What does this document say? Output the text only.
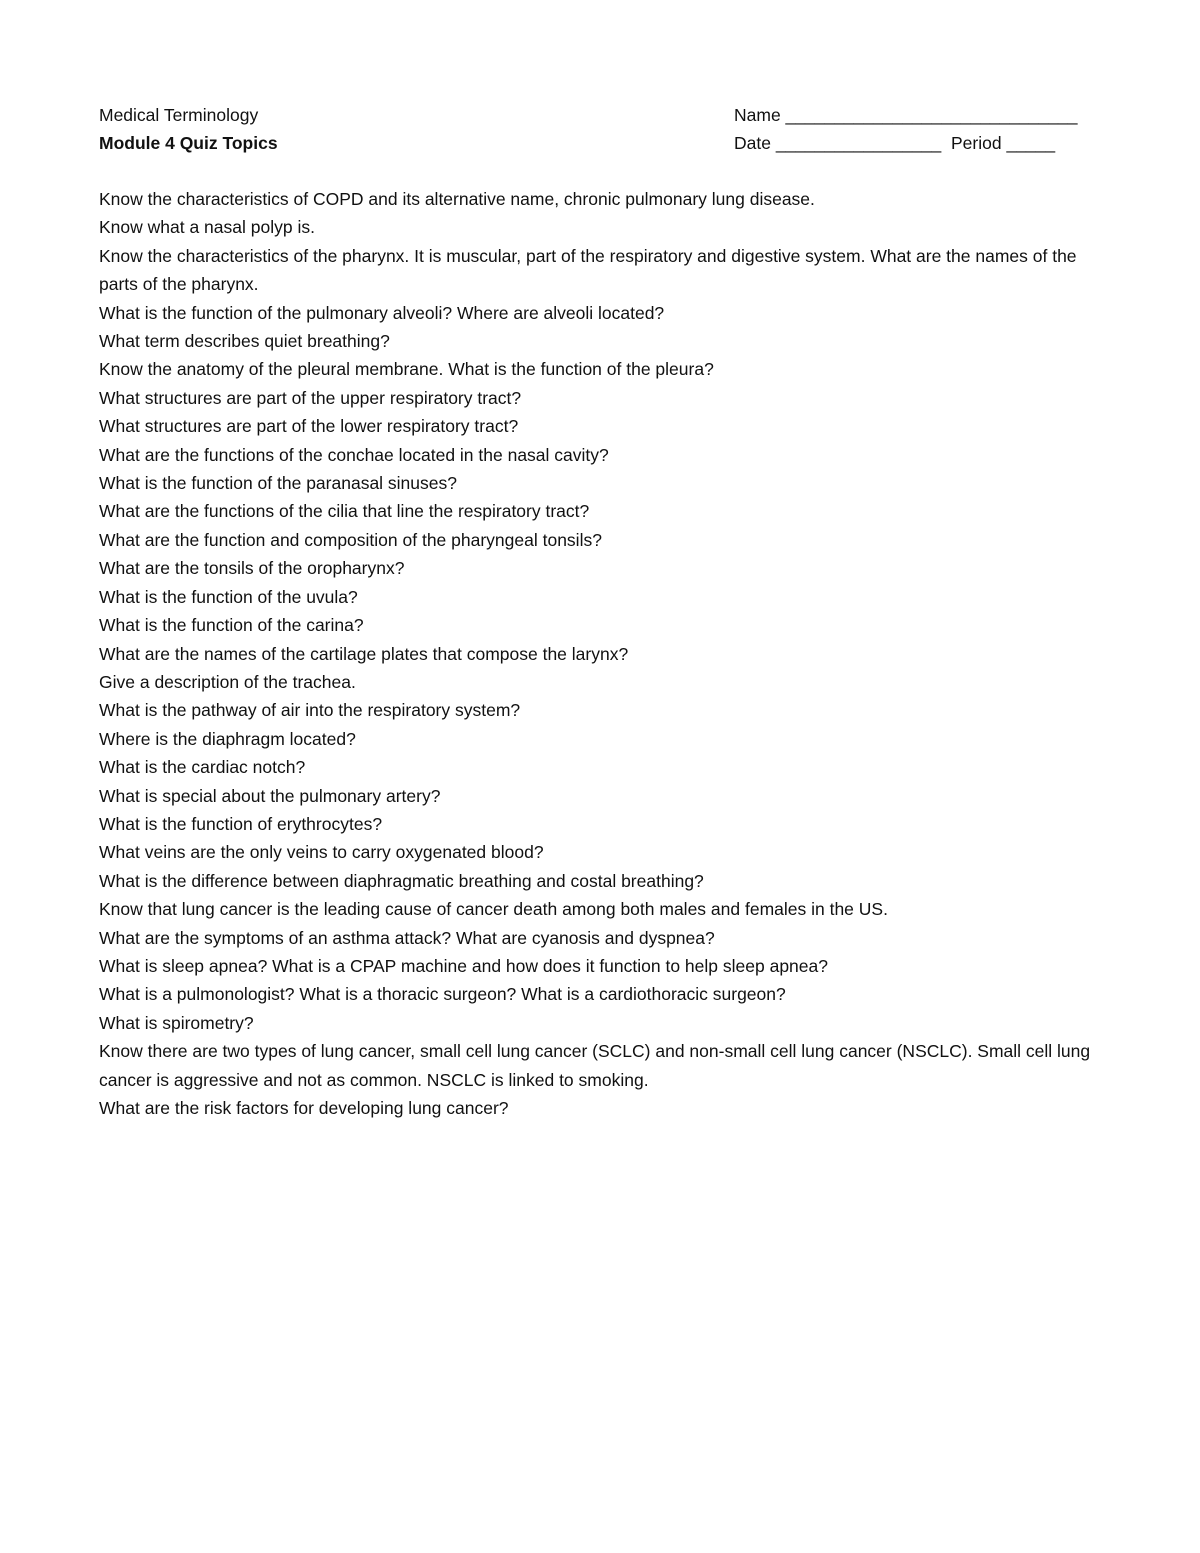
Medical Terminology
Module 4 Quiz Topics
Name ______________________________
Date _________________  Period _____
Know the characteristics of COPD and its alternative name, chronic pulmonary lung disease.
Know what a nasal polyp is.
Know the characteristics of the pharynx. It is muscular, part of the respiratory and digestive system. What are the names of the parts of the pharynx.
What is the function of the pulmonary alveoli? Where are alveoli located?
What term describes quiet breathing?
Know the anatomy of the pleural membrane. What is the function of the pleura?
What structures are part of the upper respiratory tract?
What structures are part of the lower respiratory tract?
What are the functions of the conchae located in the nasal cavity?
What is the function of the paranasal sinuses?
What are the functions of the cilia that line the respiratory tract?
What are the function and composition of the pharyngeal tonsils?
What are the tonsils of the oropharynx?
What is the function of the uvula?
What is the function of the carina?
What are the names of the cartilage plates that compose the larynx?
Give a description of the trachea.
What is the pathway of air into the respiratory system?
Where is the diaphragm located?
What is the cardiac notch?
What is special about the pulmonary artery?
What is the function of erythrocytes?
What veins are the only veins to carry oxygenated blood?
What is the difference between diaphragmatic breathing and costal breathing?
Know that lung cancer is the leading cause of cancer death among both males and females in the US.
What are the symptoms of an asthma attack? What are cyanosis and dyspnea?
What is sleep apnea? What is a CPAP machine and how does it function to help sleep apnea?
What is a pulmonologist? What is a thoracic surgeon? What is a cardiothoracic surgeon?
What is spirometry?
Know there are two types of lung cancer, small cell lung cancer (SCLC) and non-small cell lung cancer (NSCLC). Small cell lung cancer is aggressive and not as common. NSCLC is linked to smoking.
What are the risk factors for developing lung cancer?
